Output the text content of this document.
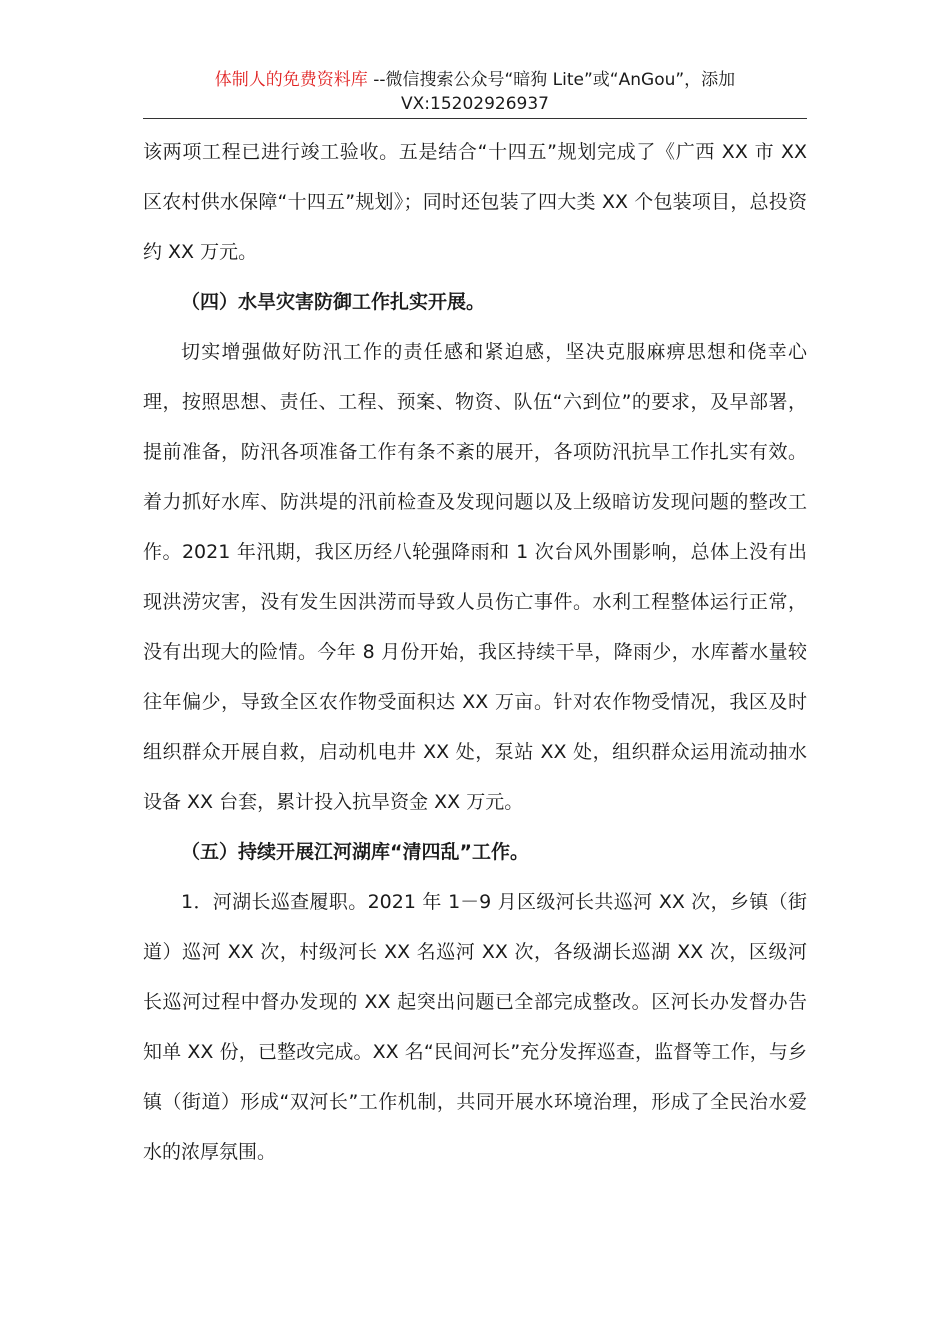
体制人的免费资料库 --微信搜索公众号“暗狗 Lite”或“AnGou”，添加
VX:15202926937

该两项工程已进行竣工验收。五是结合“十四五”规划完成了《广西 XX 市 XX 区农村供水保障“十四五”规划》；同时还包装了四大类 XX 个包装项目，总投资约 XX 万元。

（四）水旱灾害防御工作扎实开展。

切实增强做好防汛工作的责任感和紧迫感，坚决克服麻痹思想和侥幸心理，按照思想、责任、工程、预案、物资、队伍“六到位”的要求，及早部署，提前准备，防汛各项准备工作有条不紊的展开，各项防汛抗旱工作扎实有效。着力抓好水库、防洪堤的汛前检查及发现问题以及上级暗访发现问题的整改工作。2021 年汛期，我区历经八轮强降雨和 1 次台风外围影响，总体上没有出现洪涝灾害，没有发生因洪涝而导致人员伤亡事件。水利工程整体运行正常，没有出现大的险情。今年 8 月份开始，我区持续干旱，降雨少，水库蓄水量较往年偏少，导致全区农作物受面积达 XX 万亩。针对农作物受情况，我区及时组织群众开展自救，启动机电井 XX 处，泵站 XX 处，组织群众运用流动抽水设备 XX 台套，累计投入抗旱资金 XX 万元。

（五）持续开展江河湖库“清四乱”工作。

1．河湖长巡查履职。2021 年 1－9 月区级河长共巡河 XX 次，乡镇（街道）巡河 XX 次，村级河长 XX 名巡河 XX 次，各级湖长巡湖 XX 次，区级河长巡河过程中督办发现的 XX 起突出问题已全部完成整改。区河长办发督办告知单 XX 份，已整改完成。XX 名“民间河长”充分发挥巡查，监督等工作，与乡镇（街道）形成“双河长”工作机制，共同开展水环境治理，形成了全民治水爱水的浓厚氛围。
